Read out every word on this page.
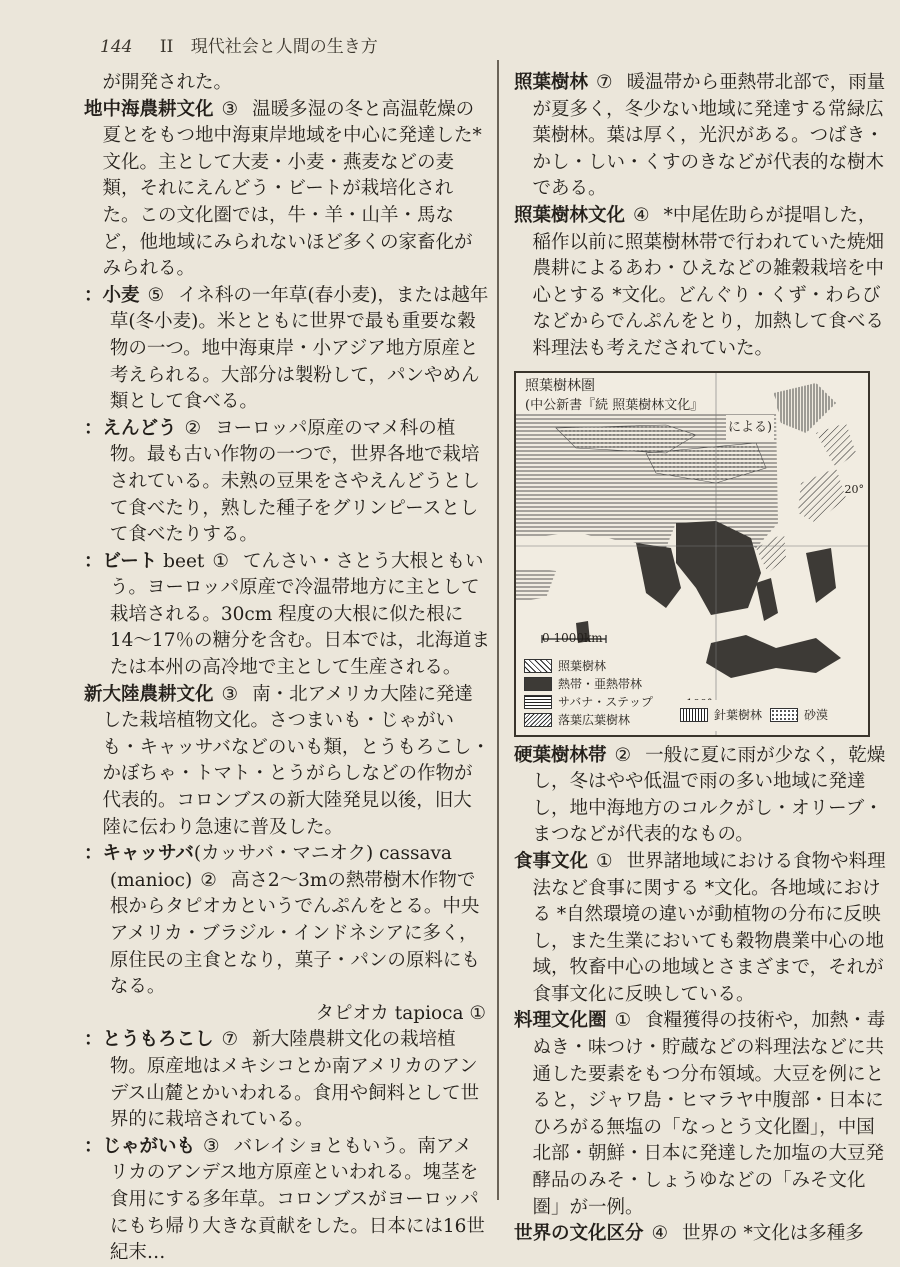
144 II 現代社会と人間の生き方

が開発された。

地中海農耕文化 ③ 温暖多湿の冬と高温乾燥の夏とをもつ地中海東岸地域を中心に発達した*文化。主として大麦・小麦・燕麦などの麦類，それにえんどう・ビートが栽培化された。この文化圏では，牛・羊・山羊・馬など，他地域にみられないほど多くの家畜化がみられる。

：小麦 ⑤ イネ科の一年草(春小麦)，または越年草(冬小麦)。米とともに世界で最も重要な穀物の一つ。地中海東岸・小アジア地方原産と考えられる。大部分は製粉して，パンやめん類として食べる。

：えんどう ② ヨーロッパ原産のマメ科の植物。最も古い作物の一つで，世界各地で栽培されている。未熟の豆果をさやえんどうとして食べたり，熟した種子をグリンピースとして食べたりする。

：ビート beet ① てんさい・さとう大根ともいう。ヨーロッパ原産で冷温帯地方に主として栽培される。30cm 程度の大根に似た根に14〜17％の糖分を含む。日本では，北海道または本州の高冷地で主として生産される。

新大陸農耕文化 ③ 南・北アメリカ大陸に発達した栽培植物文化。さつまいも・じゃがいも・キャッサバなどのいも類，とうもろこし・かぼちゃ・トマト・とうがらしなどの作物が代表的。コロンブスの新大陸発見以後，旧大陸に伝わり急速に普及した。

：キャッサバ(カッサバ・マニオク) cassava (manioc) ② 高さ2〜3mの熱帯樹木作物で根からタピオカというでんぷんをとる。中央アメリカ・ブラジル・インドネシアに多く，原住民の主食となり，菓子・パンの原料にもなる。

タピオカ tapioca ①

：とうもろこし ⑦ 新大陸農耕文化の栽培植物。原産地はメキシコとか南アメリカのアンデス山麓とかいわれる。食用や飼料として世界的に栽培されている。

：じゃがいも ③ バレイショともいう。南アメリカのアンデス地方原産といわれる。塊茎を食用にする多年草。コロンブスがヨーロッパにもち帰り大きな貢献をした。日本には16世紀末…

照葉樹林 ⑦ 暖温帯から亜熱帯北部で，雨量が夏多く，冬少ない地域に発達する常緑広葉樹林。葉は厚く，光沢がある。つばき・かし・しい・くすのきなどが代表的な樹木である。

照葉樹林文化 ④ *中尾佐助らが提唱した，稲作以前に照葉樹林帯で行われていた焼畑農耕によるあわ・ひえなどの雑穀栽培を中心とする *文化。どんぐり・くず・わらびなどからでんぷんをとり，加熱して食べる料理法も考えだされていた。

照葉樹林圏
(中公新書『続 照葉樹林文化』
による)
0 1000km
20°
照葉樹林
熱帯・亜熱帯林
サバナ・ステップ
落葉広葉樹林	針葉樹林	砂漠

硬葉樹林帯 ② 一般に夏に雨が少なく，乾燥し，冬はやや低温で雨の多い地域に発達し，地中海地方のコルクがし・オリーブ・まつなどが代表的なもの。

食事文化 ① 世界諸地域における食物や料理法など食事に関する *文化。各地域における *自然環境の違いが動植物の分布に反映し，また生業においても穀物農業中心の地域，牧畜中心の地域とさまざまで，それが食事文化に反映している。

料理文化圏 ① 食糧獲得の技術や，加熱・毒ぬき・味つけ・貯蔵などの料理法などに共通した要素をもつ分布領域。大豆を例にとると，ジャワ島・ヒマラヤ中腹部・日本にひろがる無塩の「なっとう文化圏」，中国北部・朝鮮・日本に発達した加塩の大豆発酵品のみそ・しょうゆなどの「みそ文化圏」が一例。

世界の文化区分 ④ 世界の *文化は多種多
